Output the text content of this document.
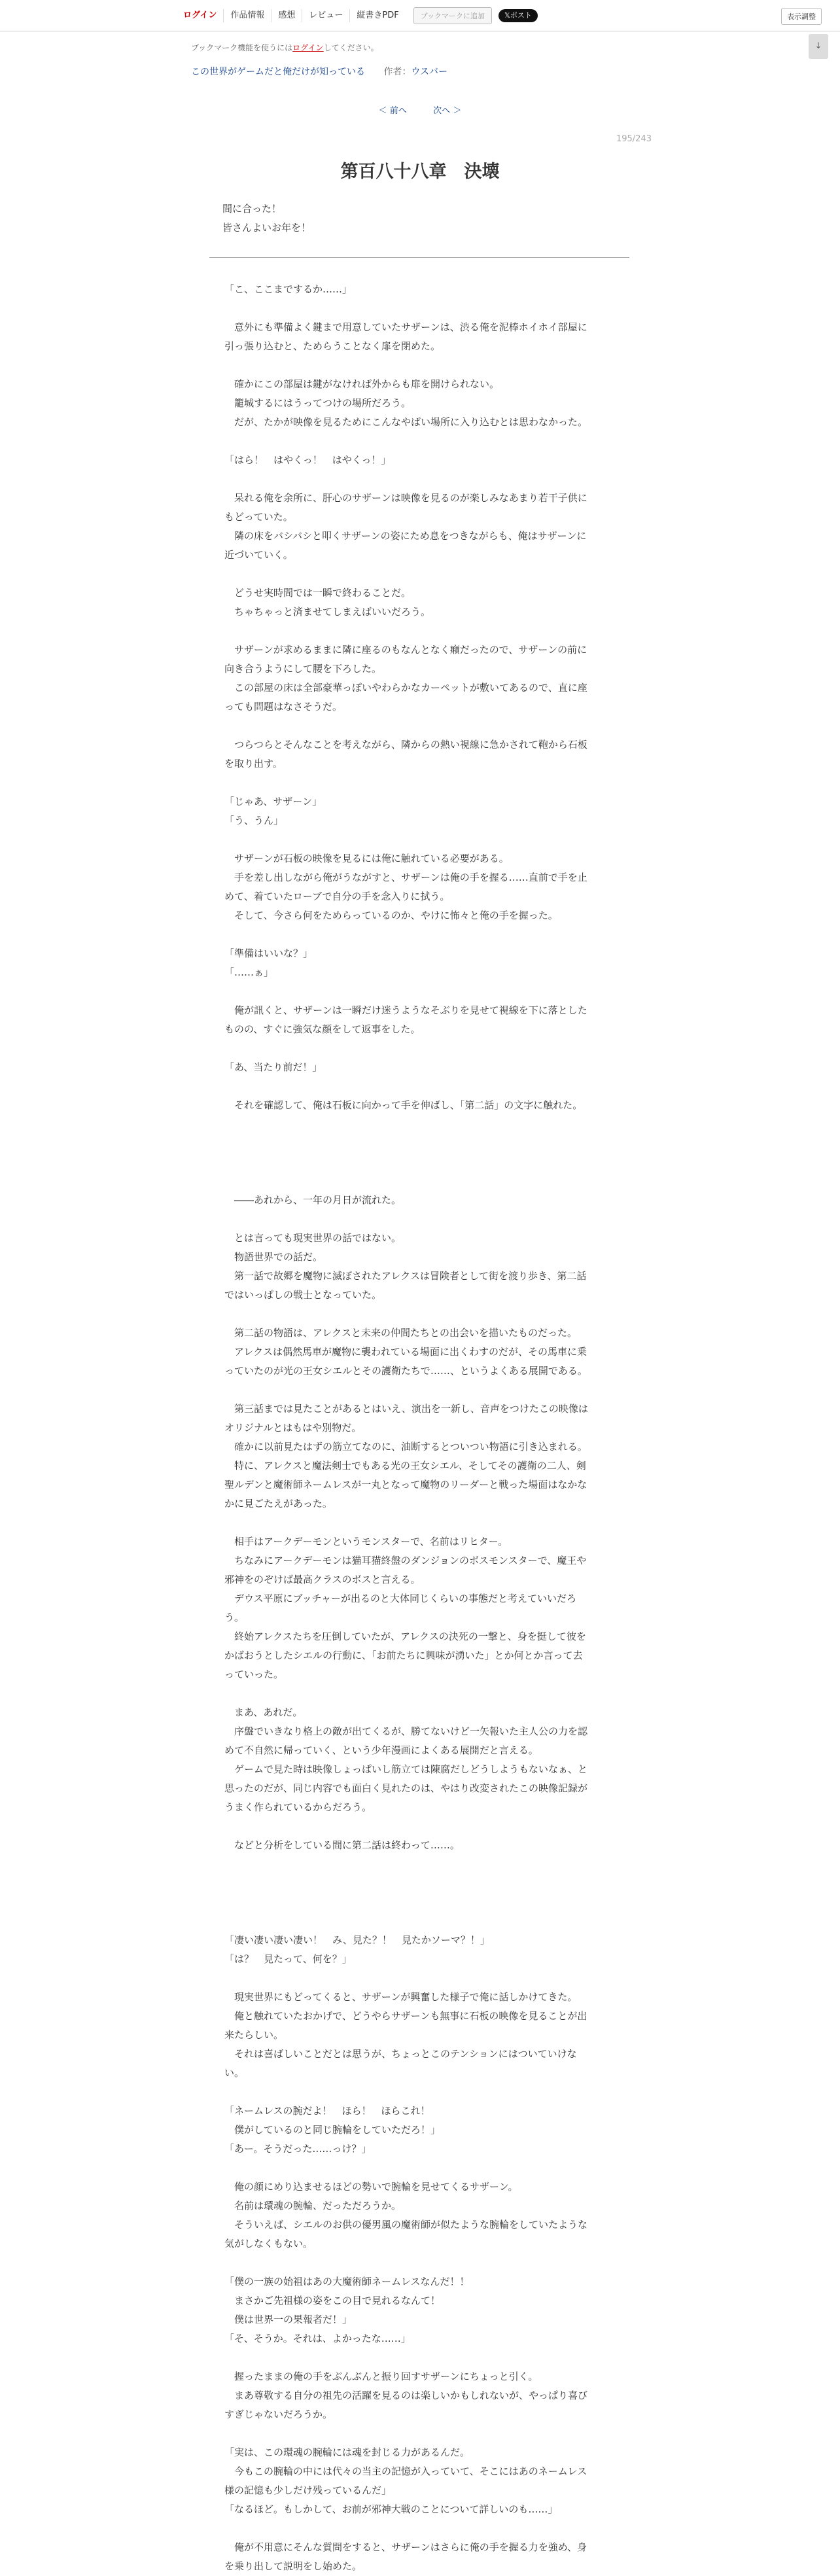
ログイン	作品情報	感想	レビュー	縦書きPDF	ブックマークに追加	𝕏ポスト	表示調整
ブックマーク機能を使うにはログインしてください。	↓
この世界がゲームだと俺だけが知っている 作者：ウスバー
＜ 前へ	次へ ＞
195/243
第百八十八章　決壊
間に合った！
皆さんよいお年を！

「こ、ここまでするか……」

　意外にも準備よく鍵まで用意していたサザーンは、渋る俺を泥棒ホイホイ部屋に

引っ張り込むと、ためらうことなく扉を閉めた。

　確かにこの部屋は鍵がなければ外からも扉を開けられない。

　籠城するにはうってつけの場所だろう。

　だが、たかが映像を見るためにこんなやばい場所に入り込むとは思わなかった。

「はら！　はやくっ！　はやくっ！」

　呆れる俺を余所に、肝心のサザーンは映像を見るのが楽しみなあまり若干子供に

もどっていた。

　隣の床をバシバシと叩くサザーンの姿にため息をつきながらも、俺はサザーンに

近づいていく。

　どうせ実時間では一瞬で終わることだ。

　ちゃちゃっと済ませてしまえばいいだろう。

　サザーンが求めるままに隣に座るのもなんとなく癪だったので、サザーンの前に

向き合うようにして腰を下ろした。

　この部屋の床は全部豪華っぽいやわらかなカーペットが敷いてあるので、直に座

っても問題はなさそうだ。

　つらつらとそんなことを考えながら、隣からの熱い視線に急かされて鞄から石板

を取り出す。

「じゃあ、サザーン」

「う、うん」

　サザーンが石板の映像を見るには俺に触れている必要がある。

　手を差し出しながら俺がうながすと、サザーンは俺の手を握る……直前で手を止

めて、着ていたローブで自分の手を念入りに拭う。

　そして、今さら何をためらっているのか、やけに怖々と俺の手を握った。

「準備はいいな？」

「……ぁ」

　俺が訊くと、サザーンは一瞬だけ迷うようなそぶりを見せて視線を下に落とした

ものの、すぐに強気な顔をして返事をした。

「あ、当たり前だ！」

　それを確認して、俺は石板に向かって手を伸ばし、「第二話」の文字に触れた。

　――あれから、一年の月日が流れた。

　とは言っても現実世界の話ではない。

　物語世界での話だ。

　第一話で故郷を魔物に滅ぼされたアレクスは冒険者として街を渡り歩き、第二話

ではいっぱしの戦士となっていた。

　第二話の物語は、アレクスと未来の仲間たちとの出会いを描いたものだった。

　アレクスは偶然馬車が魔物に襲われている場面に出くわすのだが、その馬車に乗

っていたのが光の王女シエルとその護衛たちで……、というよくある展開である。

　第三話までは見たことがあるとはいえ、演出を一新し、音声をつけたこの映像は

オリジナルとはもはや別物だ。

　確かに以前見たはずの筋立てなのに、油断するとついつい物語に引き込まれる。

　特に、アレクスと魔法剣士でもある光の王女シエル、そしてその護衛の二人、剣

聖ルデンと魔術師ネームレスが一丸となって魔物のリーダーと戦った場面はなかな

かに見ごたえがあった。

　相手はアークデーモンというモンスターで、名前はリヒター。

　ちなみにアークデーモンは猫耳猫終盤のダンジョンのボスモンスターで、魔王や

邪神をのぞけば最高クラスのボスと言える。

　デウス平原にブッチャーが出るのと大体同じくらいの事態だと考えていいだろ

う。

　終始アレクスたちを圧倒していたが、アレクスの決死の一撃と、身を挺して彼を

かばおうとしたシエルの行動に、「お前たちに興味が湧いた」とか何とか言って去

っていった。

　まあ、あれだ。

　序盤でいきなり格上の敵が出てくるが、勝てないけど一矢報いた主人公の力を認

めて不自然に帰っていく、という少年漫画によくある展開だと言える。

　ゲームで見た時は映像しょっぱいし筋立ては陳腐だしどうしようもないなぁ、と

思ったのだが、同じ内容でも面白く見れたのは、やはり改変されたこの映像記録が

うまく作られているからだろう。

　などと分析をしている間に第二話は終わって……。

「凄い凄い凄い凄い！　み、見た？！　見たかソーマ？！」

「は？　見たって、何を？」

　現実世界にもどってくると、サザーンが興奮した様子で俺に話しかけてきた。

　俺と触れていたおかげで、どうやらサザーンも無事に石板の映像を見ることが出

来たらしい。

　それは喜ばしいことだとは思うが、ちょっとこのテンションにはついていけな

い。

「ネームレスの腕だよ！　ほら！　ほらこれ！

　僕がしているのと同じ腕輪をしていただろ！」

「あー。そうだった……っけ？」

　俺の顔にめり込ませるほどの勢いで腕輪を見せてくるサザーン。

　名前は環魂の腕輪、だっただろうか。

　そういえば、シエルのお供の優男風の魔術師が似たような腕輪をしていたような

気がしなくもない。

「僕の一族の始祖はあの大魔術師ネームレスなんだ！！

　まさかご先祖様の姿をこの目で見れるなんて！

　僕は世界一の果報者だ！」

「そ、そうか。それは、よかったな……」

　握ったままの俺の手をぶんぶんと振り回すサザーンにちょっと引く。

　まあ尊敬する自分の祖先の活躍を見るのは楽しいかもしれないが、やっぱり喜び

すぎじゃないだろうか。

「実は、この環魂の腕輪には魂を封じる力があるんだ。

　今もこの腕輪の中には代々の当主の記憶が入っていて、そこにはあのネームレス

様の記憶も少しだけ残っているんだ」

「なるほど。もしかして、お前が邪神大戦のことについて詳しいのも……」

　俺が不用意にそんな質問をすると、サザーンはさらに俺の手を握る力を強め、身

を乗り出して説明をし始めた。
